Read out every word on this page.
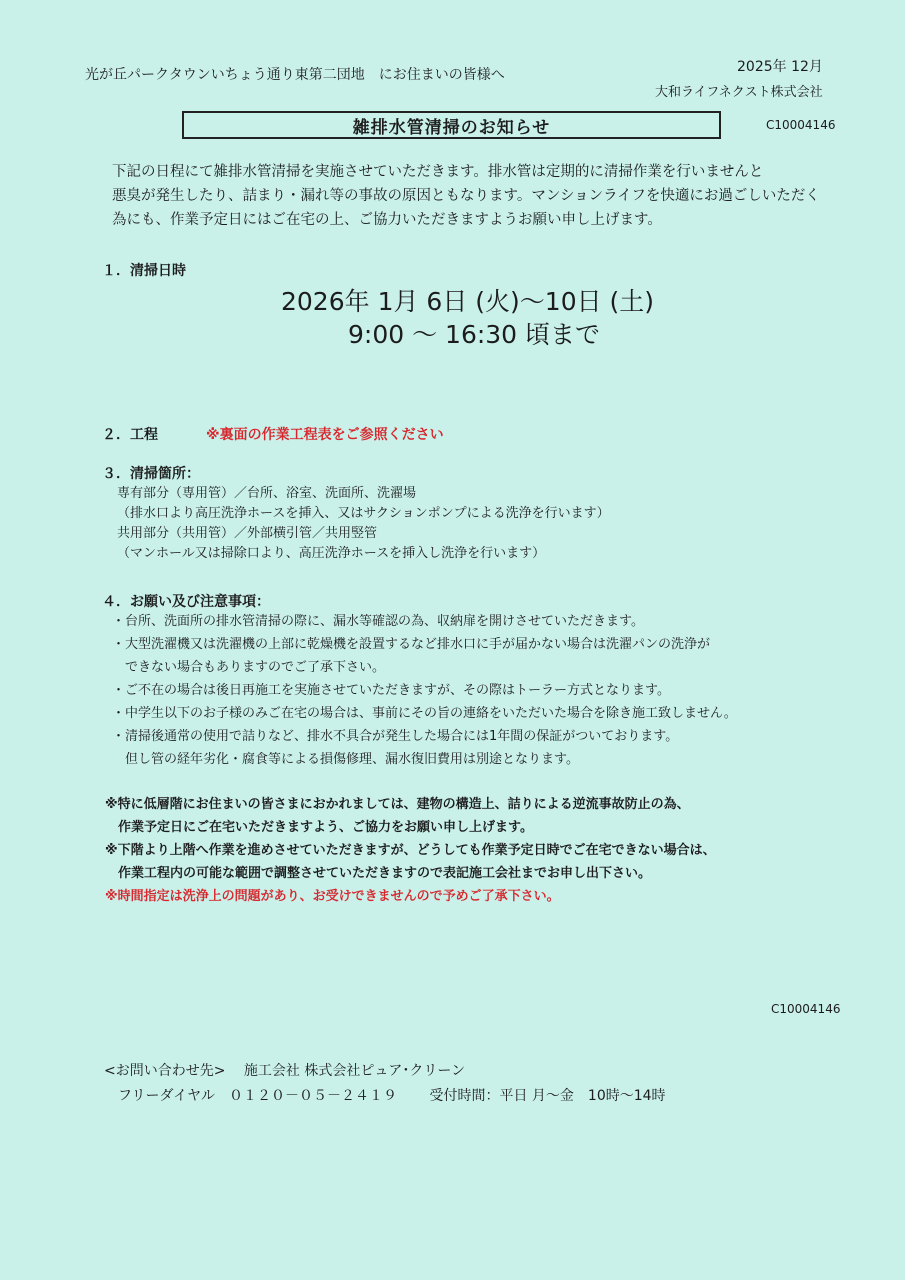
光が丘パークタウンいちょう通り東第二団地　にお住まいの皆様へ	2025年 12月
大和ライフネクスト株式会社
C10004146
雑排水管清掃のお知らせ
下記の日程にて雑排水管清掃を実施させていただきます。排水管は定期的に清掃作業を行いませんと
悪臭が発生したり、詰まり・漏れ等の事故の原因ともなります。マンションライフを快適にお過ごしいただく
為にも、作業予定日にはご在宅の上、ご協力いただきますようお願い申し上げます。
１．清掃日時
2026年 1月 6日 (火)～10日 (土)
9:00 ～ 16:30 頃まで
２．工程	※裏面の作業工程表をご参照ください
３．清掃箇所：
専有部分（専用管）／台所、浴室、洗面所、洗濯場
（排水口より高圧洗浄ホースを挿入、又はサクションポンプによる洗浄を行います）
共用部分（共用管）／外部横引管／共用竪管
（マンホール又は掃除口より、高圧洗浄ホースを挿入し洗浄を行います）
４．お願い及び注意事項：
・台所、洗面所の排水管清掃の際に、漏水等確認の為、収納扉を開けさせていただきます。
・大型洗濯機又は洗濯機の上部に乾燥機を設置するなど排水口に手が届かない場合は洗濯パンの洗浄が
　できない場合もありますのでご了承下さい。
・ご不在の場合は後日再施工を実施させていただきますが、その際はトーラー方式となります。
・中学生以下のお子様のみご在宅の場合は、事前にその旨の連絡をいただいた場合を除き施工致しません。
・清掃後通常の使用で詰りなど、排水不具合が発生した場合には1年間の保証がついております。
　但し管の経年劣化・腐食等による損傷修理、漏水復旧費用は別途となります。
※特に低層階にお住まいの皆さまにおかれましては、建物の構造上、詰りによる逆流事故防止の為、
　作業予定日にご在宅いただきますよう、ご協力をお願い申し上げます。
※下階より上階へ作業を進めさせていただきますが、どうしても作業予定日時でご在宅できない場合は、
　作業工程内の可能な範囲で調整させていただきますので表記施工会社までお申し出下さい。
※時間指定は洗浄上の問題があり、お受けできませんので予めご了承下さい。
C10004146
<お問い合わせ先>　 施工会社 株式会社ピュア･クリーン
フリーダイヤル　０１２０－０５－２４１９　　 受付時間：平日 月～金　10時～14時
